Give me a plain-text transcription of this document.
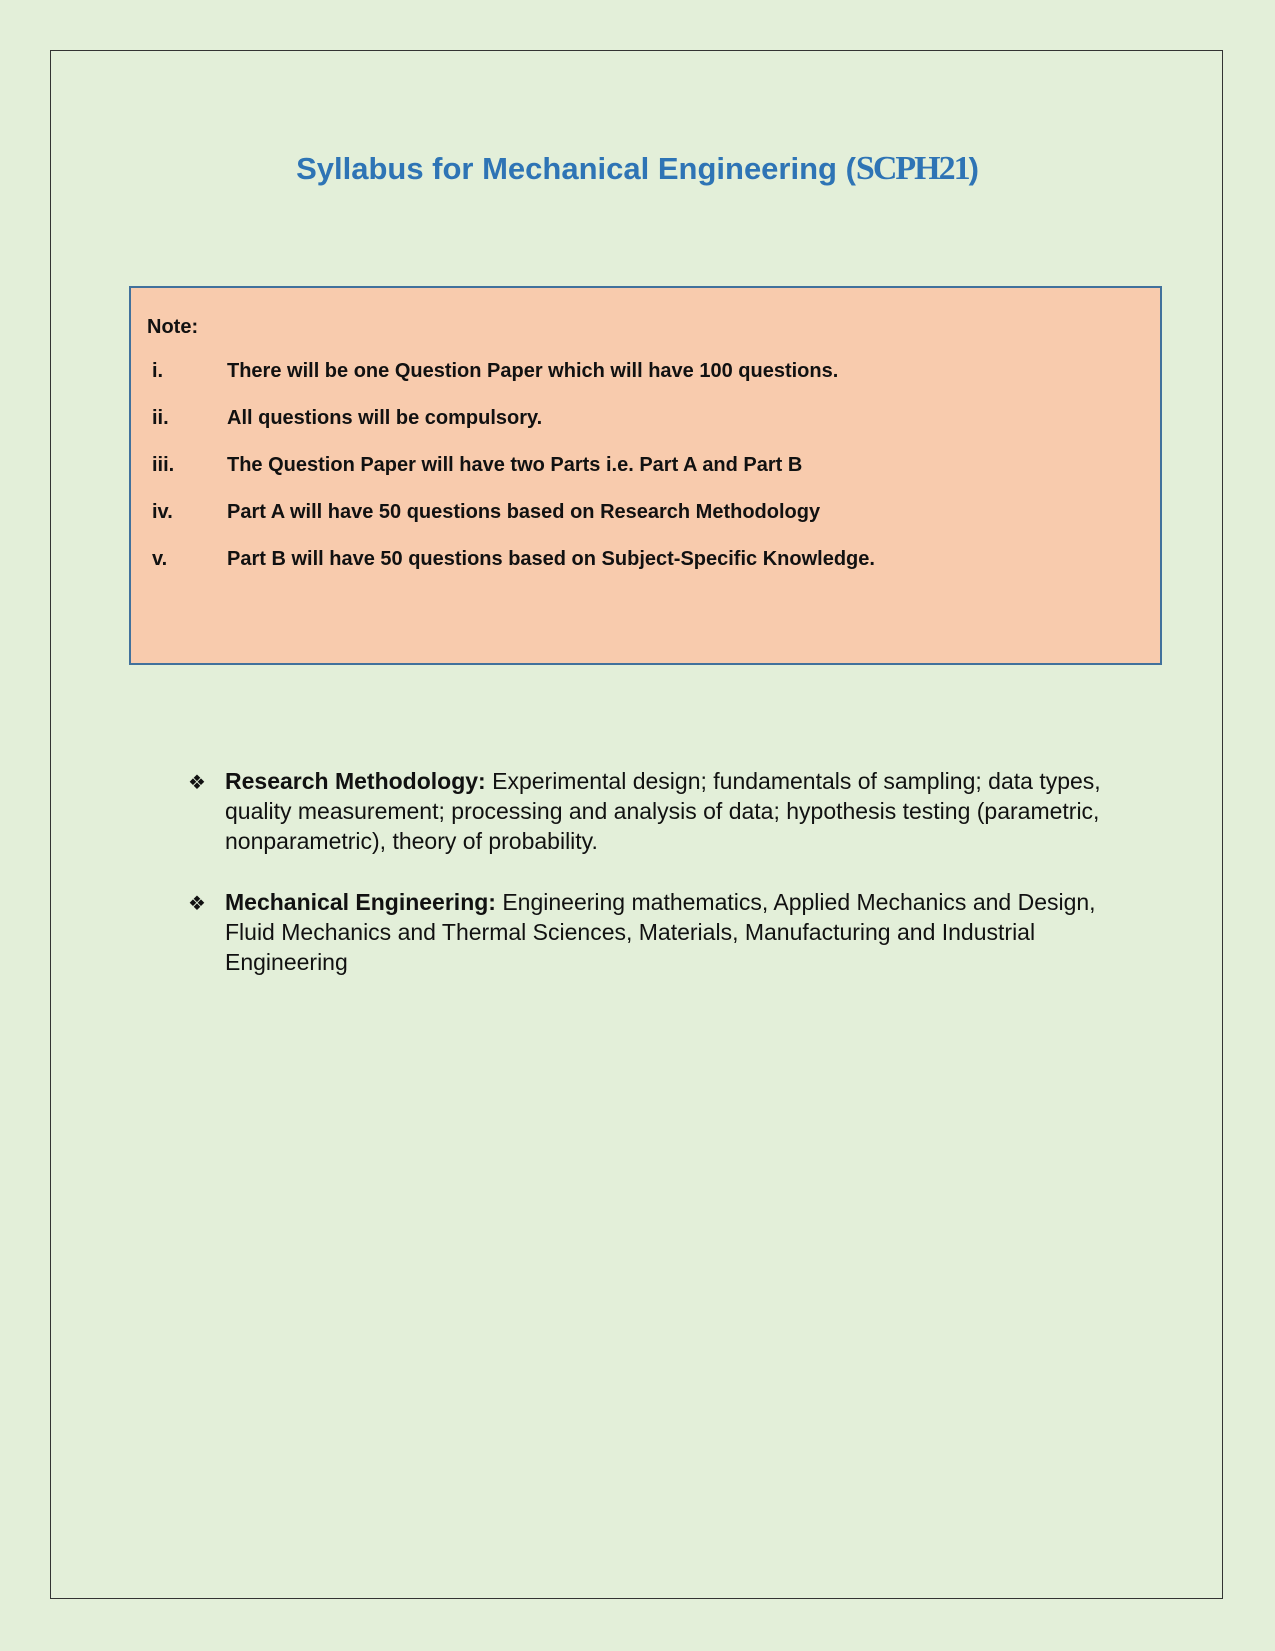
Syllabus for Mechanical Engineering (SCPH21)
Note:
i.	There will be one Question Paper which will have 100 questions.
ii.	All questions will be compulsory.
iii.	The Question Paper will have two Parts i.e. Part A and Part B
iv.	Part A will have 50 questions based on Research Methodology
v.	Part B will have 50 questions based on Subject-Specific Knowledge.
❖ Research Methodology: Experimental design; fundamentals of sampling; data types, quality measurement; processing and analysis of data; hypothesis testing (parametric, nonparametric), theory of probability.
❖ Mechanical Engineering: Engineering mathematics, Applied Mechanics and Design, Fluid Mechanics and Thermal Sciences, Materials, Manufacturing and Industrial Engineering
